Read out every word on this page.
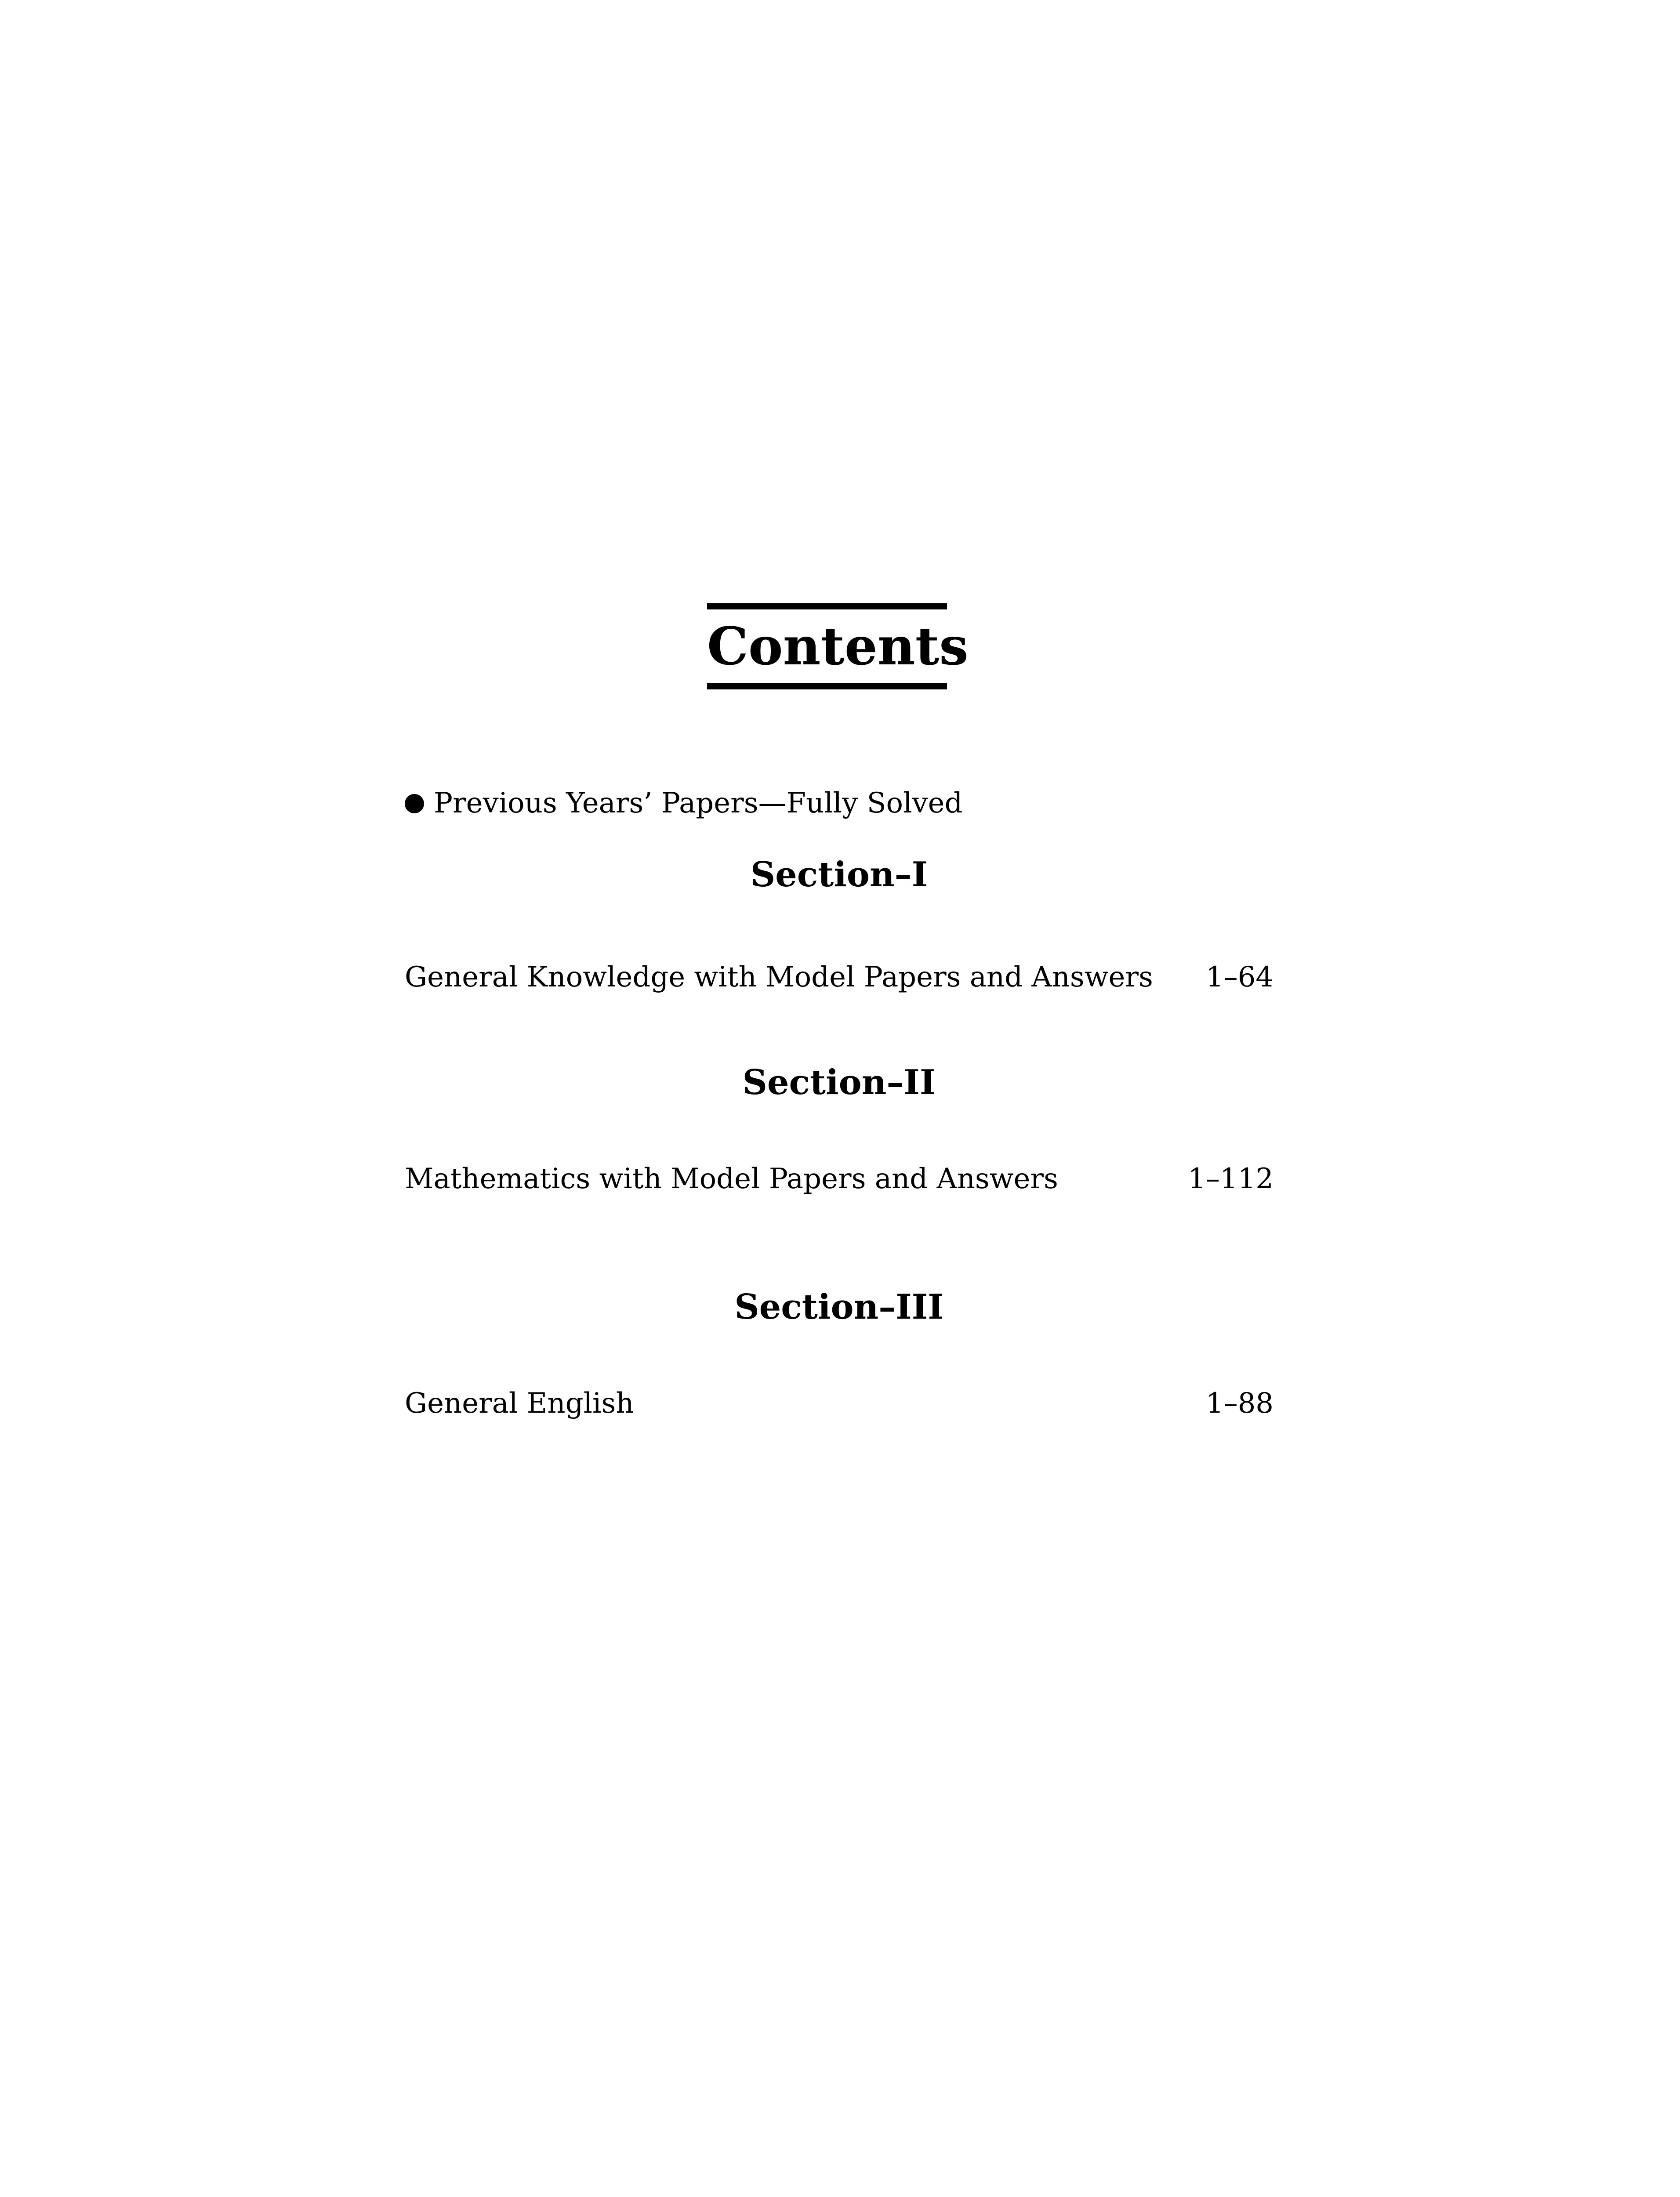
Contents
Previous Years’ Papers—Fully Solved
Section–I
General Knowledge with Model Papers and Answers 1–64
Section–II
Mathematics with Model Papers and Answers	1–112
Section–III
General English	1–88
